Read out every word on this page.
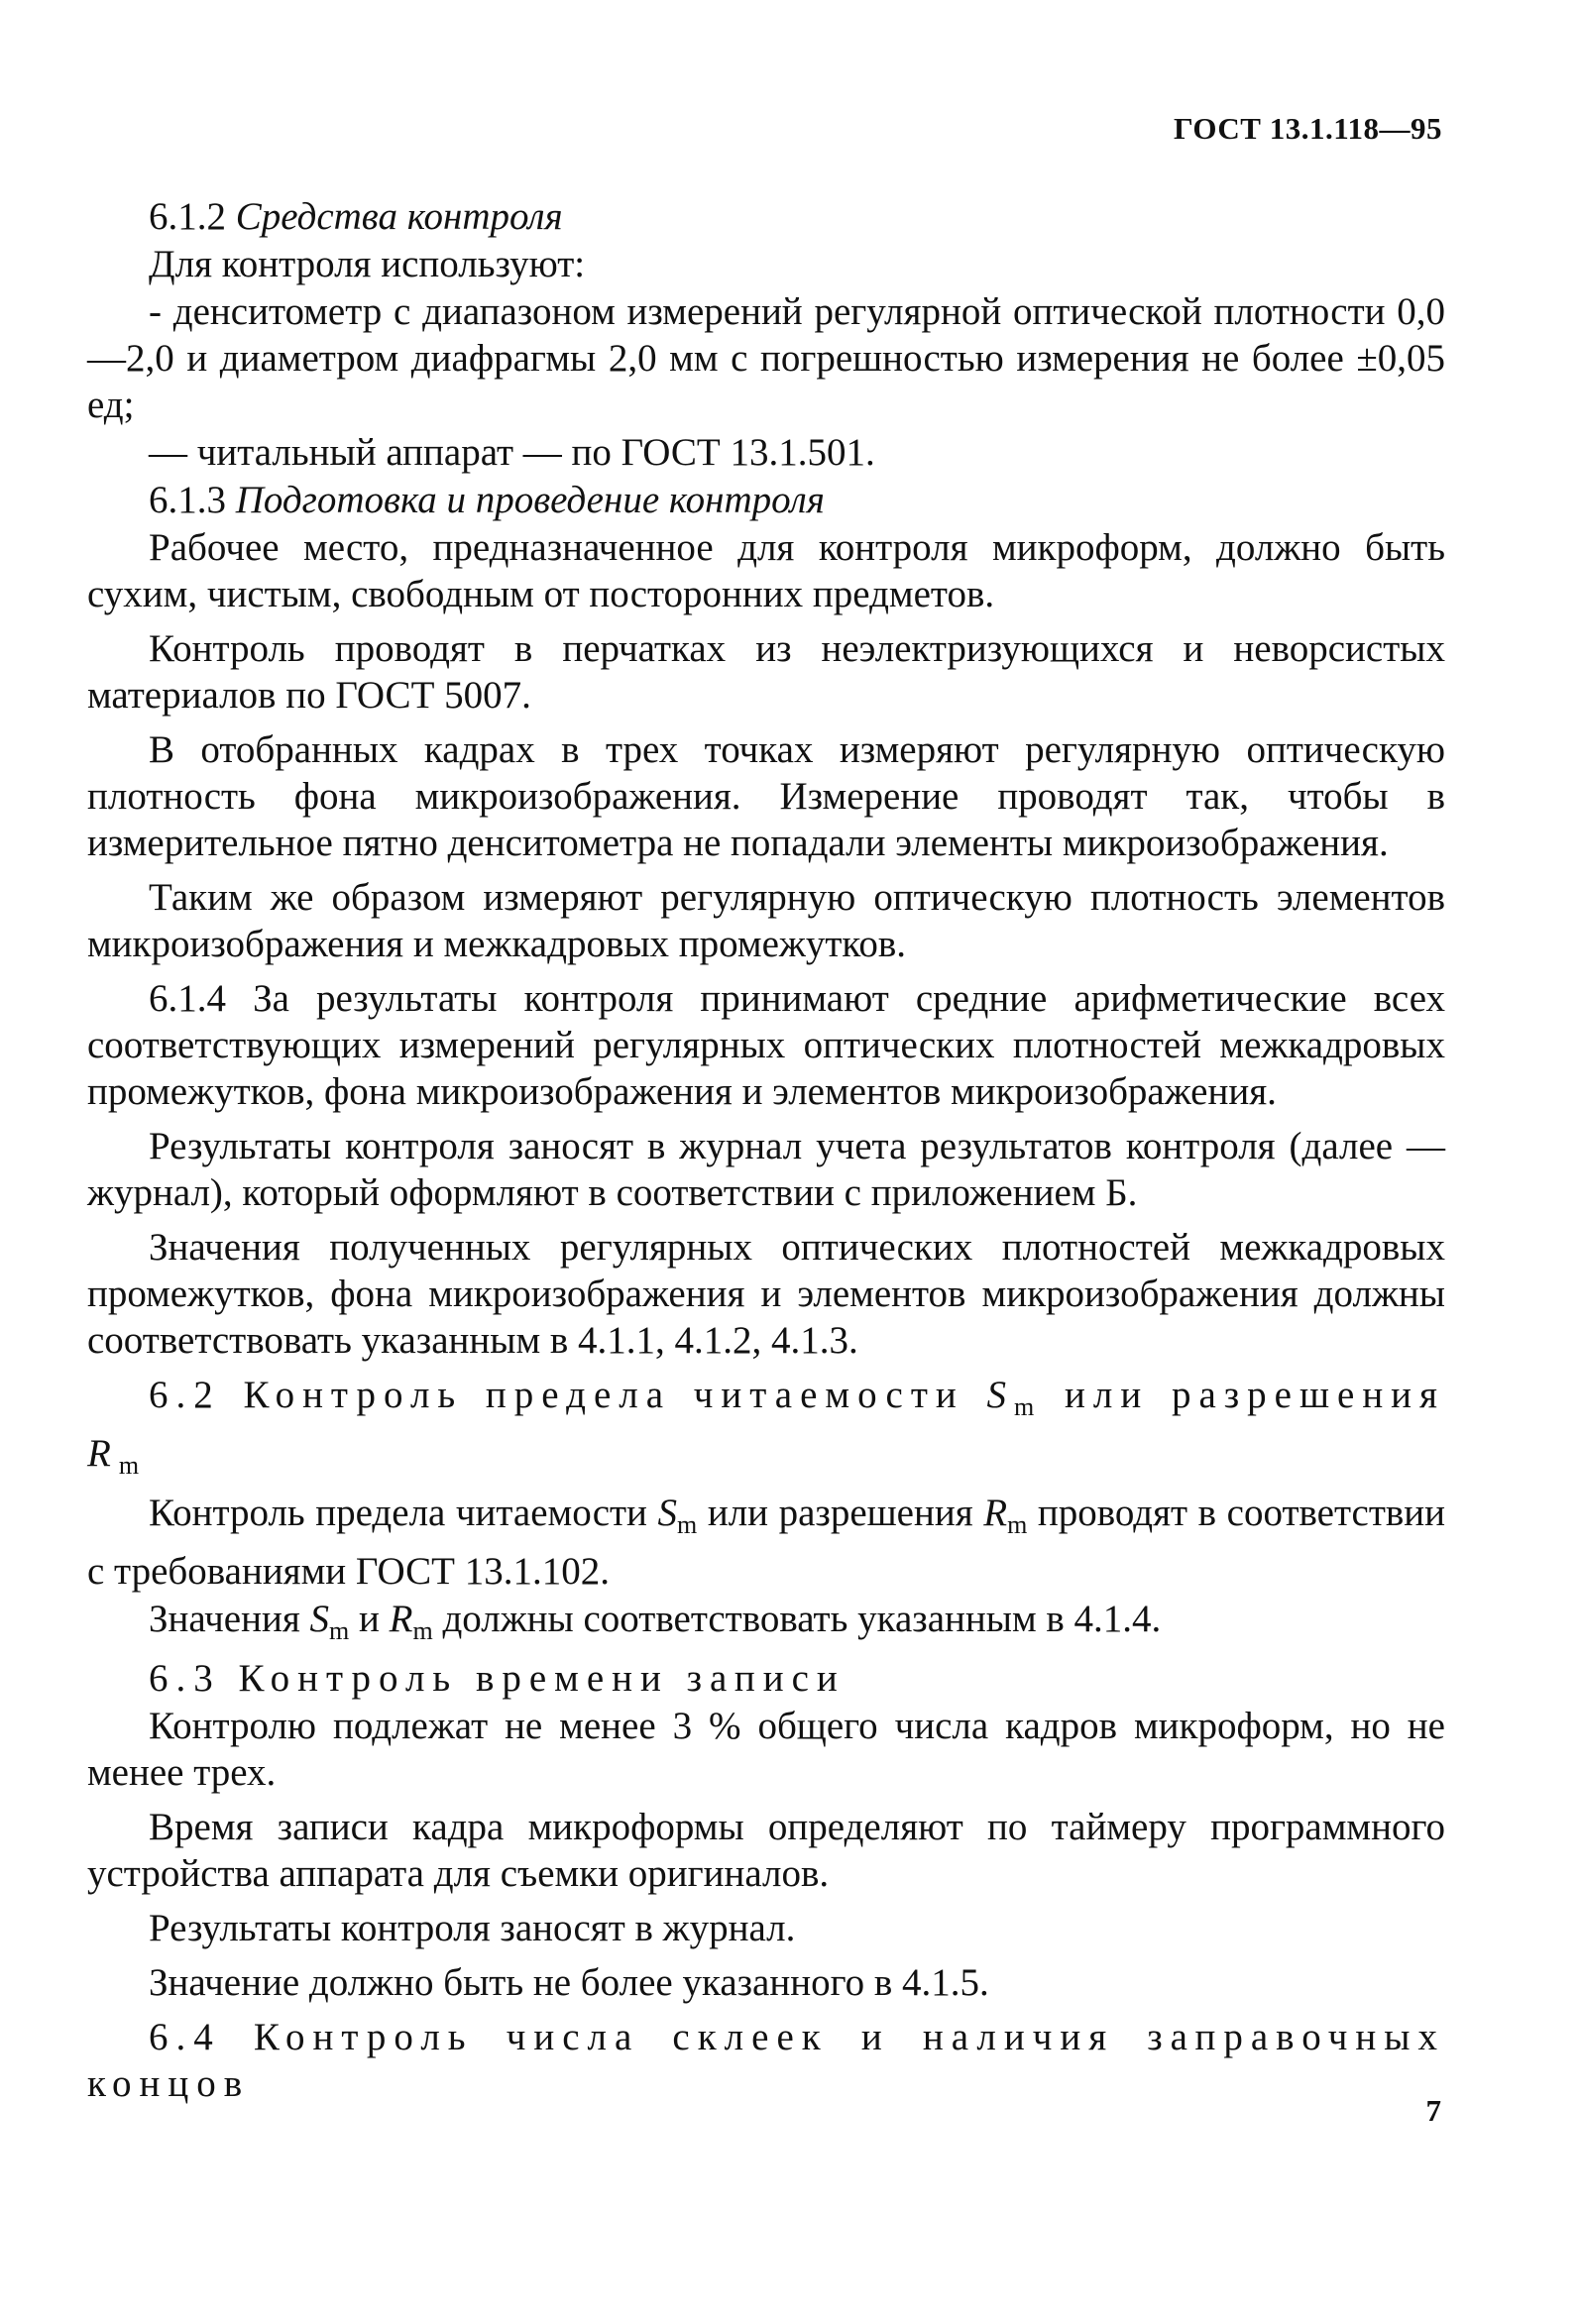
ГОСТ 13.1.118—95

6.1.2 Средства контроля

Для контроля используют:

- денситометр с диапазоном измерений регулярной оптической плотности 0,0—2,0 и диаметром диафрагмы 2,0 мм с погрешностью измерения не более ±0,05 ед;

— читальный аппарат — по ГОСТ 13.1.501.

6.1.3 Подготовка и проведение контроля

Рабочее место, предназначенное для контроля микроформ, должно быть сухим, чистым, свободным от посторонних предметов.

Контроль проводят в перчатках из неэлектризующихся и неворсистых материалов по ГОСТ 5007.

В отобранных кадрах в трех точках измеряют регулярную оптическую плотность фона микроизображения. Измерение проводят так, чтобы в измерительное пятно денситометра не попадали элементы микроизображения.

Таким же образом измеряют регулярную оптическую плотность элементов микроизображения и межкадровых промежутков.

6.1.4 За результаты контроля принимают средние арифметические всех соответствующих измерений регулярных оптических плотностей межкадровых промежутков, фона микроизображения и элементов микроизображения.

Результаты контроля заносят в журнал учета результатов контроля (далее — журнал), который оформляют в соответствии с приложением Б.

Значения полученных регулярных оптических плотностей межкадровых промежутков, фона микроизображения и элементов микроизображения должны соответствовать указанным в 4.1.1, 4.1.2, 4.1.3.

6.2 Контроль предела читаемости $S_m$ или разрешения $R_m$

Контроль предела читаемости $S_m$ или разрешения $R_m$ проводят в соответствии с требованиями ГОСТ 13.1.102.

Значения $S_m$ и $R_m$ должны соответствовать указанным в 4.1.4.

6.3 Контроль времени записи

Контролю подлежат не менее 3 % общего числа кадров микроформ, но не менее трех.

Время записи кадра микроформы определяют по таймеру программного устройства аппарата для съемки оригиналов.

Результаты контроля заносят в журнал.

Значение должно быть не более указанного в 4.1.5.

6.4 Контроль числа склеек и наличия заправочных концов

7
